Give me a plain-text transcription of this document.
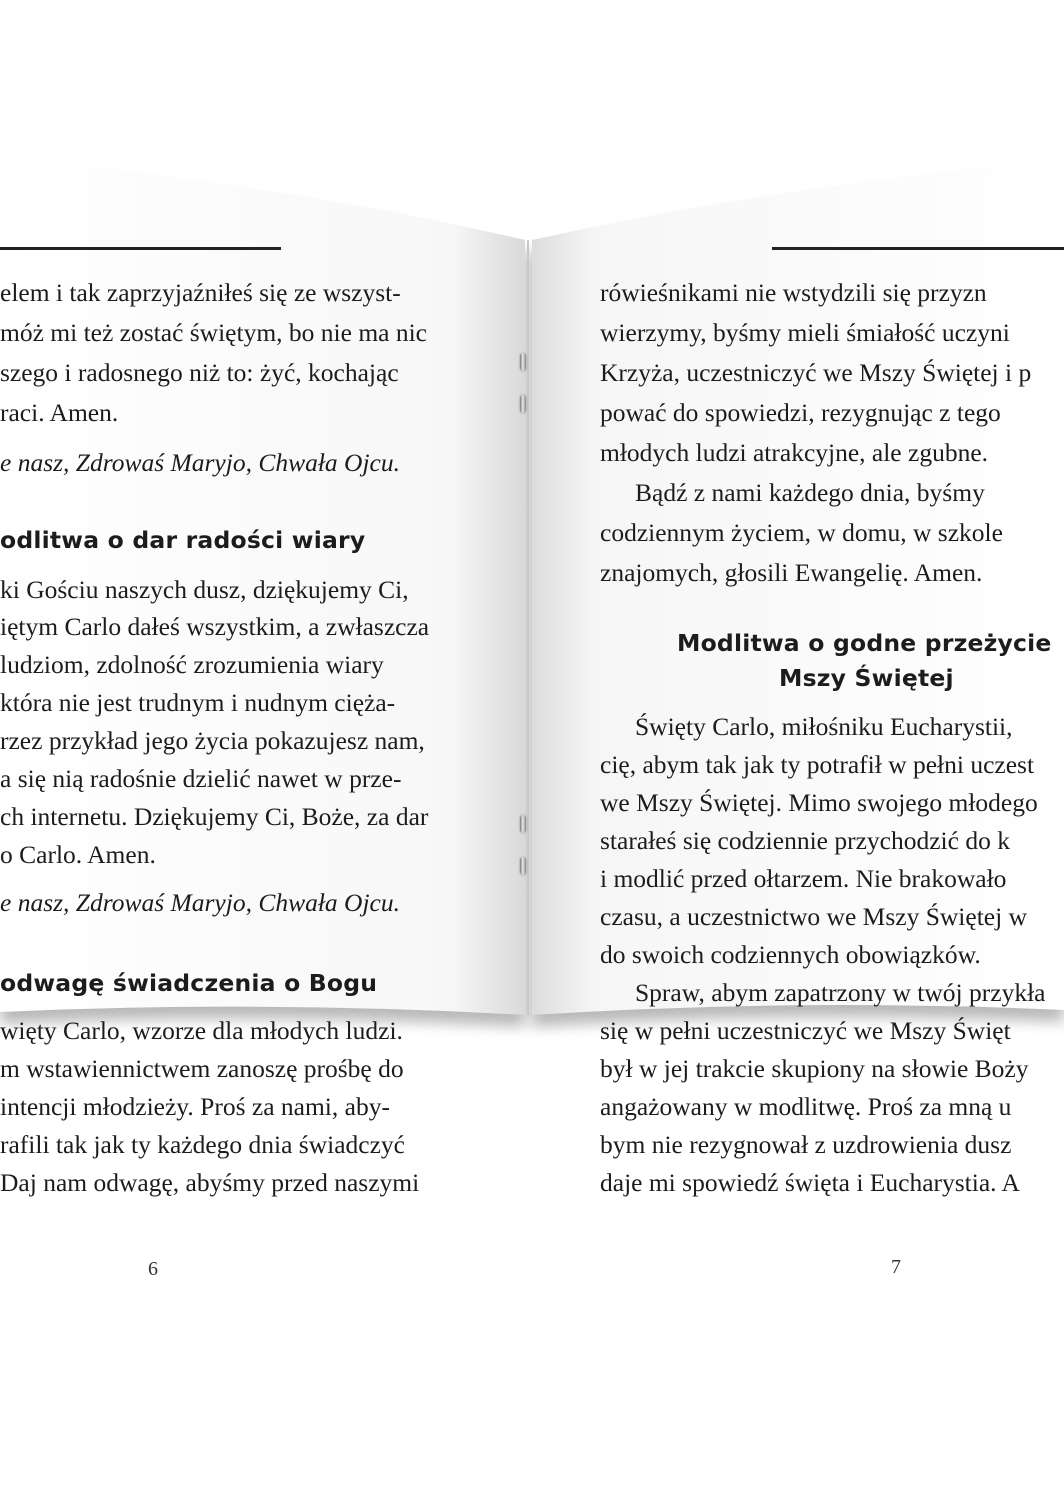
elem i tak zaprzyjaźniłeś się ze wszyst-
móż mi też zostać świętym, bo nie ma nic
szego i radosnego niż to: żyć, kochając
raci. Amen.
e nasz, Zdrowaś Maryjo, Chwała Ojcu.
odlitwa o dar radości wiary
ki Gościu naszych dusz, dziękujemy Ci,
iętym Carlo dałeś wszystkim, a zwłaszcza
ludziom, zdolność zrozumienia wiary
która nie jest trudnym i nudnym cięża-
rzez przykład jego życia pokazujesz nam,
a się nią radośnie dzielić nawet w prze-
ch internetu. Dziękujemy Ci, Boże, za dar
o Carlo. Amen.
e nasz, Zdrowaś Maryjo, Chwała Ojcu.
odwagę świadczenia o Bogu
więty Carlo, wzorze dla młodych ludzi.
m wstawiennictwem zanoszę prośbę do
intencji młodzieży. Proś za nami, aby-
rafili tak jak ty każdego dnia świadczyć
Daj nam odwagę, abyśmy przed naszymi
6
rówieśnikami nie wstydzili się przyzn
wierzymy, byśmy mieli śmiałość uczyni
Krzyża, uczestniczyć we Mszy Świętej i p
pować do spowiedzi, rezygnując z tego
młodych ludzi atrakcyjne, ale zgubne.
Bądź z nami każdego dnia, byśmy
codziennym życiem, w domu, w szkole
znajomych, głosili Ewangelię. Amen.
Modlitwa o godne przeżycie
Mszy Świętej
Święty Carlo, miłośniku Eucharystii,
cię, abym tak jak ty potrafił w pełni uczest
we Mszy Świętej. Mimo swojego młodego
starałeś się codziennie przychodzić do k
i modlić przed ołtarzem. Nie brakowało
czasu, a uczestnictwo we Mszy Świętej w
do swoich codziennych obowiązków.
Spraw, abym zapatrzony w twój przykła
się w pełni uczestniczyć we Mszy Święt
był w jej trakcie skupiony na słowie Boży
angażowany w modlitwę. Proś za mną u
bym nie rezygnował z uzdrowienia dusz
daje mi spowiedź święta i Eucharystia. A
7
